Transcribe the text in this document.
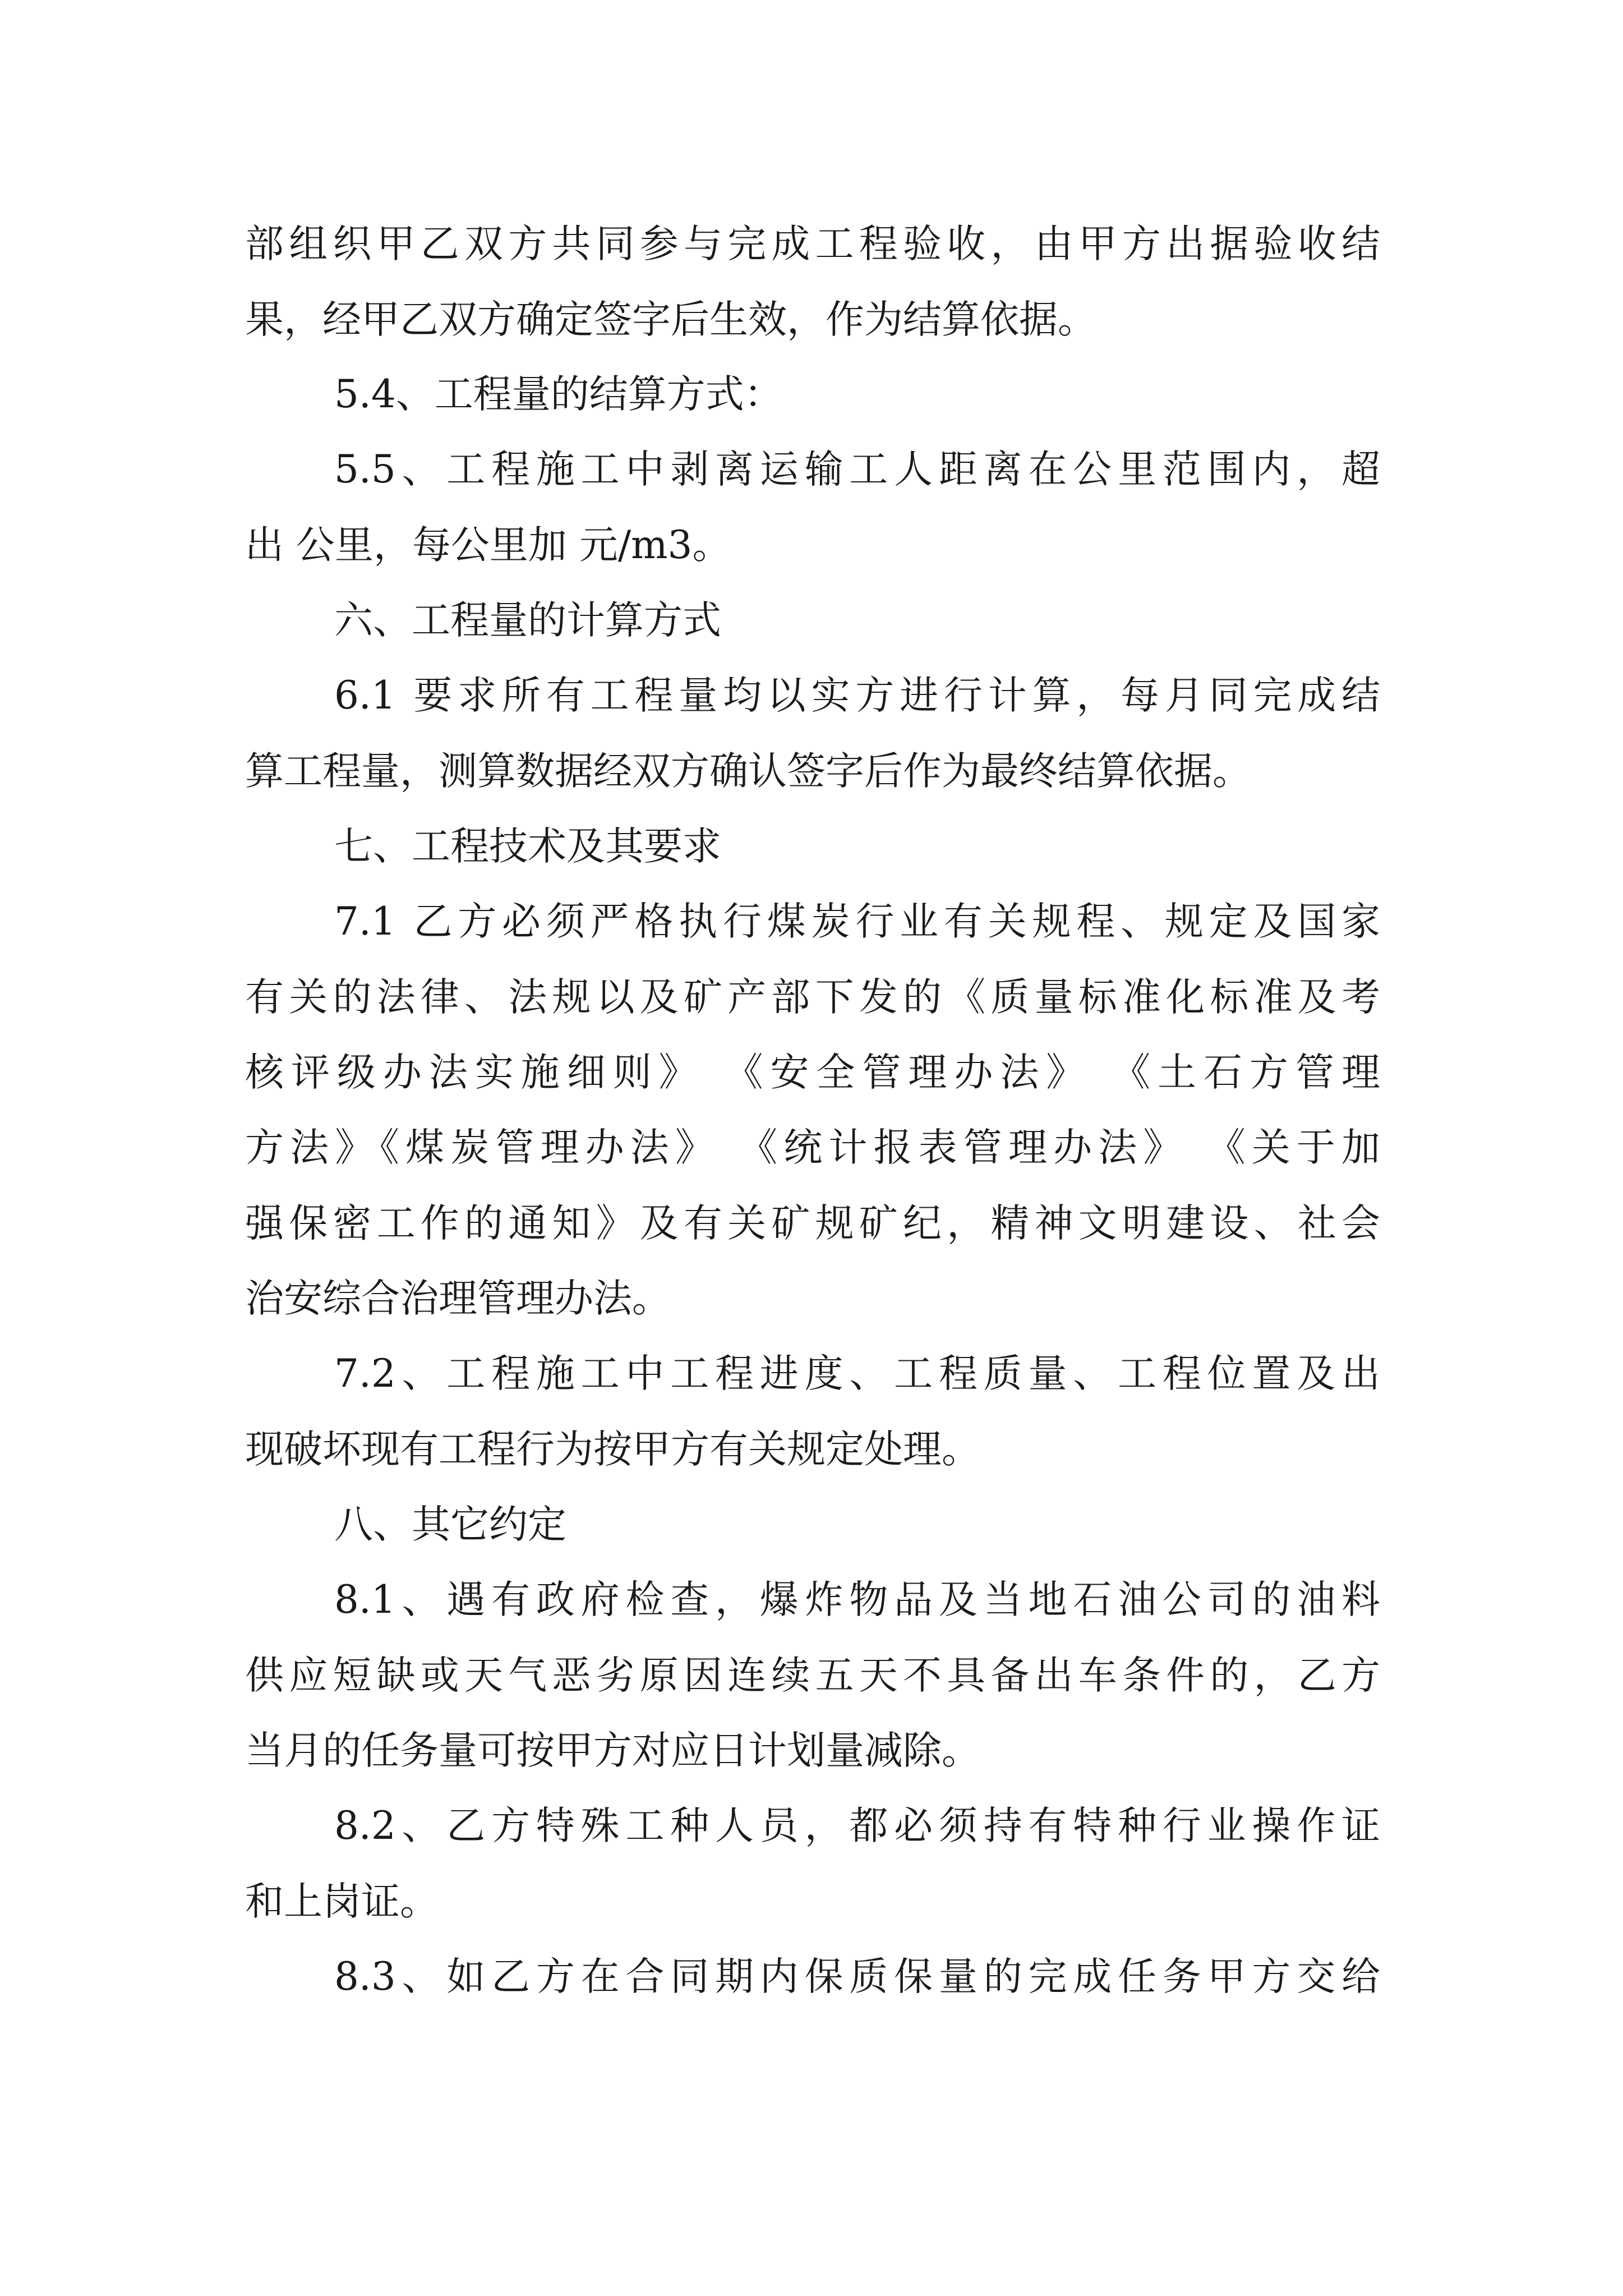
部组织甲乙双方共同参与完成工程验收，由甲方出据验收结
果，经甲乙双方确定签字后生效，作为结算依据。
5.4、工程量的结算方式：
5.5、工程施工中剥离运输工人距离在公里范围内，超
出 公里，每公里加 元/m3。
六、工程量的计算方式
6.1 要求所有工程量均以实方进行计算，每月同完成结
算工程量，测算数据经双方确认签字后作为最终结算依据。
七、工程技术及其要求
7.1 乙方必须严格执行煤炭行业有关规程、规定及国家
有关的法律、法规以及矿产部下发的《质量标准化标准及考
核评级办法实施细则》 《安全管理办法》 《土石方管理
方法》《煤炭管理办法》 《统计报表管理办法》 《关于加
强保密工作的通知》及有关矿规矿纪，精神文明建设、社会
治安综合治理管理办法。
7.2、工程施工中工程进度、工程质量、工程位置及出
现破坏现有工程行为按甲方有关规定处理。
八、其它约定
8.1、遇有政府检查，爆炸物品及当地石油公司的油料
供应短缺或天气恶劣原因连续五天不具备出车条件的，乙方
当月的任务量可按甲方对应日计划量减除。
8.2、乙方特殊工种人员，都必须持有特种行业操作证
和上岗证。
8.3、如乙方在合同期内保质保量的完成任务甲方交给
